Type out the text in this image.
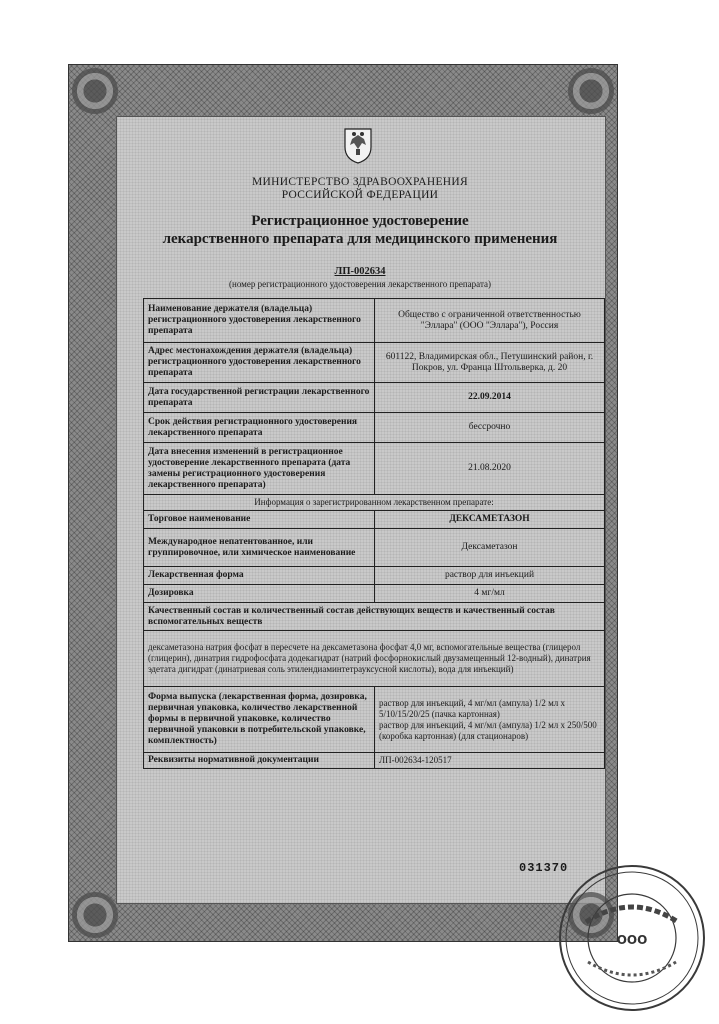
МИНИСТЕРСТВО ЗДРАВООХРАНЕНИЯ
РОССИЙСКОЙ ФЕДЕРАЦИИ
Регистрационное удостоверение
лекарственного препарата для медицинского применения
ЛП-002634
(номер регистрационного удостоверения лекарственного препарата)
Наименование держателя (владельца) регистрационного удостоверения лекарственного препарата	Общество с ограниченной ответственностью "Эллара" (ООО "Эллара"), Россия
Адрес местонахождения держателя (владельца) регистрационного удостоверения лекарственного препарата	601122, Владимирская обл., Петушинский район, г. Покров, ул. Франца Штольверка, д. 20
Дата государственной регистрации лекарственного препарата	22.09.2014
Срок действия регистрационного удостоверения лекарственного препарата	бессрочно
Дата внесения изменений в регистрационное удостоверение лекарственного препарата (дата замены регистрационного удостоверения лекарственного препарата)	21.08.2020
Информация о зарегистрированном лекарственном препарате:	
Торговое наименование	ДЕКСАМЕТАЗОН
Международное непатентованное, или группировочное, или химическое наименование	Дексаметазон
Лекарственная форма	раствор для инъекций
Дозировка	4 мг/мл
Качественный состав и количественный состав действующих веществ и качественный состав вспомогательных веществ	
дексаметазона натрия фосфат в пересчете на дексаметазона фосфат 4,0 мг, вспомогательные вещества (глицерол (глицерин), динатрия гидрофосфата додекагидрат (натрий фосфорнокислый двузамещенный 12-водный), динатрия эдетата дигидрат (динатриевая соль этилендиаминтетрауксусной кислоты), вода для инъекций)	
Форма выпуска (лекарственная форма, дозировка, первичная упаковка, количество лекарственной формы в первичной упаковке, количество первичной упаковки в потребительской упаковке, комплектность)	раствор для инъекций, 4 мг/мл (ампула) 1/2 мл х 5/10/15/20/25 (пачка картонная)
раствор для инъекций, 4 мг/мл (ампула) 1/2 мл х 250/500 (коробка картонная) (для стационаров)

Реквизиты нормативной документации	ЛП-002634-120517
031370
OOO
